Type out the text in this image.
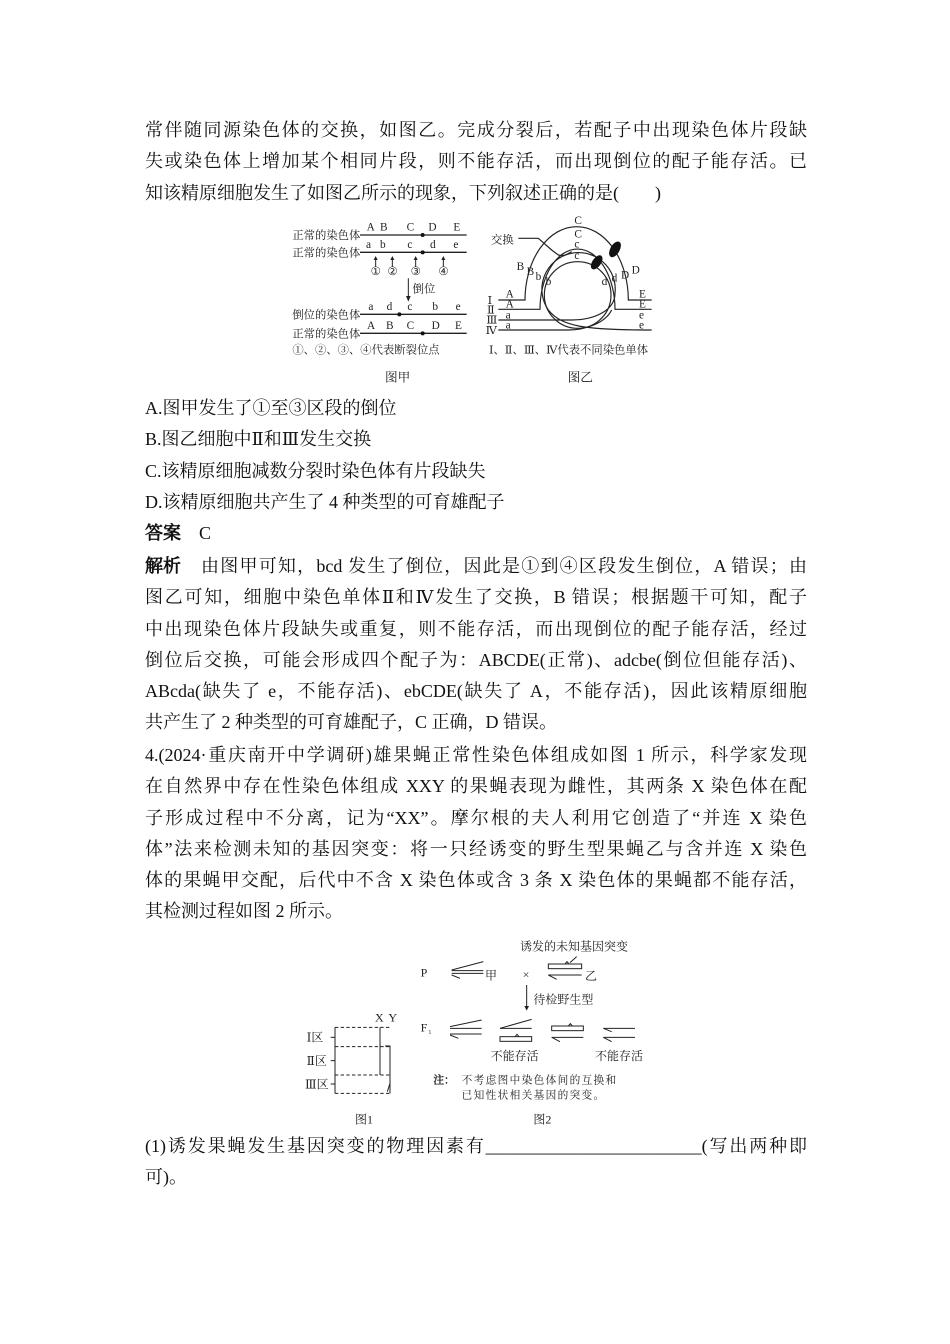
常伴随同源染色体的交换，如图乙。完成分裂后，若配子中出现染色体片段缺
失或染色体上增加某个相同片段，则不能存活，而出现倒位的配子能存活。已
知该精原细胞发生了如图乙所示的现象，下列叙述正确的是(　　)
正常的染色体
A B C D E
正常的染色体
a b c d e
① ② ③ ④
倒位
倒位的染色体
a d c b e
正常的染色体
A B C D E
①、②、③、④代表断裂位点
图甲
交换
C
C
c
c
B B b b
D
D
d
d
A
A
a
a
E
E
e
e
Ⅰ
Ⅱ
Ⅲ
Ⅳ
Ⅰ、Ⅱ、Ⅲ、Ⅳ代表不同染色单体
图乙
A.图甲发生了①至③区段的倒位
B.图乙细胞中Ⅱ和Ⅲ发生交换
C.该精原细胞减数分裂时染色体有片段缺失
D.该精原细胞共产生了 4 种类型的可育雄配子
答案 C
解析 由图甲可知，bcd 发生了倒位，因此是①到④区段发生倒位，A 错误；由
图乙可知，细胞中染色单体Ⅱ和Ⅳ发生了交换，B 错误；根据题干可知，配子
中出现染色体片段缺失或重复，则不能存活，而出现倒位的配子能存活，经过
倒位后交换，可能会形成四个配子为：ABCDE(正常)、adcbe(倒位但能存活)、
ABcda(缺失了 e，不能存活)、ebCDE(缺失了 A，不能存活)，因此该精原细胞
共产生了 2 种类型的可育雄配子，C 正确，D 错误。
4.(2024·重庆南开中学调研)雄果蝇正常性染色体组成如图 1 所示，科学家发现
在自然界中存在性染色体组成 XXY 的果蝇表现为雌性，其两条 X 染色体在配
子形成过程中不分离，记为“XX”。摩尔根的夫人利用它创造了“并连 X 染色
体”法来检测未知的基因突变：将一只经诱变的野生型果蝇乙与含并连 X 染色
体的果蝇甲交配，后代中不含 X 染色体或含 3 条 X 染色体的果蝇都不能存活，
其检测过程如图 2 所示。
X Y
Ⅰ区
Ⅱ区
Ⅲ区
图1
诱发的未知基因突变
P 甲 × 乙
待检野生型
F 1
不能存活 不能存活
注： 不考虑图中染色体间的互换和
已知性状相关基因的突变。
图2
(1)诱发果蝇发生基因突变的物理因素有________________________(写出两种即
可)。
